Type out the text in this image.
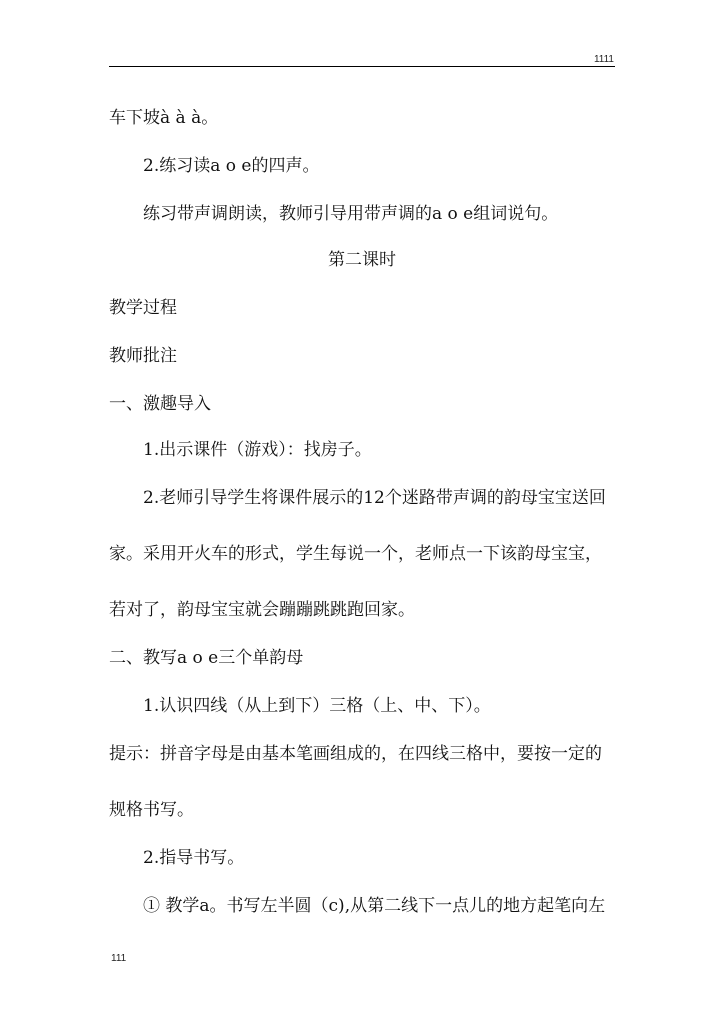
1111
车下坡à à à。
2.练习读a o e的四声。
练习带声调朗读，教师引导用带声调的a o e组词说句。
第二课时
教学过程
教师批注
一、激趣导入
1.出示课件（游戏）：找房子。
2.老师引导学生将课件展示的12个迷路带声调的韵母宝宝送回
家。采用开火车的形式，学生每说一个，老师点一下该韵母宝宝，
若对了，韵母宝宝就会蹦蹦跳跳跑回家。
二、教写a o e三个单韵母
1.认识四线（从上到下）三格（上、中、下）。
提示：拼音字母是由基本笔画组成的，在四线三格中，要按一定的
规格书写。
2.指导书写。
① 教学a。书写左半圆（c),从第二线下一点儿的地方起笔向左
111
